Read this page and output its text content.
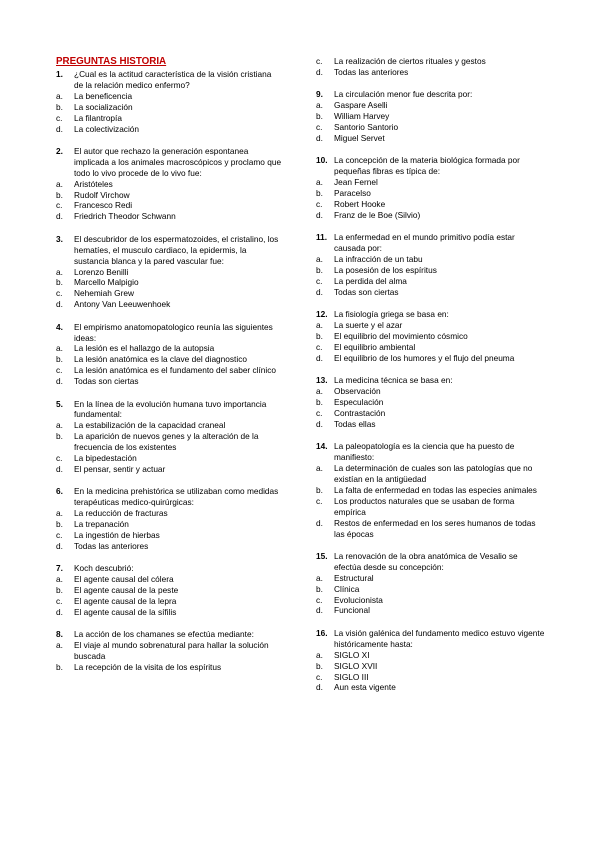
PREGUNTAS HISTORIA
1.	¿Cual es la actitud característica de la visión cristiana de la relación medico enfermo?
a.	La beneficencia
b.	La socialización
c.	La filantropía
d.	La colectivización
2.	El autor que rechazo la generación espontanea implicada a los animales macroscópicos y proclamo que todo lo vivo procede de lo vivo fue:
a.	Aristóteles
b.	Rudolf Virchow
c.	Francesco Redi
d.	Friedrich Theodor Schwann
3.	El descubridor de los espermatozoides, el cristalino, los hematíes, el musculo cardiaco, la epidermis, la sustancia blanca y la pared vascular fue:
a.	Lorenzo Benilli
b.	Marcello Malpigio
c.	Nehemiah Grew
d.	Antony Van Leeuwenhoek
4.	El empirismo anatomopatologico reunía las siguientes ideas:
a.	La lesión es el hallazgo de la autopsia
b.	La lesión anatómica es la clave del diagnostico
c.	La lesión anatómica es el fundamento del saber clínico
d.	Todas son ciertas
5.	En la línea de la evolución humana tuvo importancia fundamental:
a.	La estabilización de la capacidad craneal
b.	La aparición de nuevos genes y la alteración de la frecuencia de los existentes
c.	La bipedestación
d.	El pensar, sentir y actuar
6.	En la medicina prehistórica se utilizaban como medidas terapéuticas medico-quirúrgicas:
a.	La reducción de fracturas
b.	La trepanación
c.	La ingestión de hierbas
d.	Todas las anteriores
7.	Koch descubrió:
a.	El agente causal del cólera
b.	El agente causal de la peste
c.	El agente causal de la lepra
d.	El agente causal de la sífilis
8.	La acción de los chamanes se efectúa mediante:
a.	El viaje al mundo sobrenatural para hallar la solución buscada
b.	La recepción de la visita de los espíritus
c.	La realización de ciertos rituales y gestos
d.	Todas las anteriores
9.	La circulación menor fue descrita por:
a.	Gaspare Aselli
b.	William Harvey
c.	Santorio Santorio
d.	Miguel Servet
10. La concepción de la materia biológica formada por pequeñas fibras es típica de:
a.	Jean Fernel
b.	Paracelso
c.	Robert Hooke
d.	Franz de le Boe (Silvio)
11. La enfermedad en el mundo primitivo podía estar causada por:
a.	La infracción de un tabu
b.	La posesión de los espíritus
c.	La perdida del alma
d.	Todas son ciertas
12. La fisiología griega se basa en:
a.	La suerte y el azar
b.	El equilibrio del movimiento cósmico
c.	El equilibrio ambiental
d.	El equilibrio de los humores y el flujo del pneuma
13. La medicina técnica se basa en:
a.	Observación
b.	Especulación
c.	Contrastación
d.	Todas ellas
14. La paleopatología es la ciencia que ha puesto de manifiesto:
a.	La determinación de cuales son las patologías que no existían en la antigüedad
b.	La falta de enfermedad en todas las especies animales
c.	Los productos naturales que se usaban de forma empírica
d.	Restos de enfermedad en los seres humanos de todas las épocas
15. La renovación de la obra anatómica de Vesalio se efectúa desde su concepción:
a.	Estructural
b.	Clínica
c.	Evolucionista
d.	Funcional
16. La visión galénica del fundamento medico estuvo vigente históricamente hasta:
a.	SIGLO XI
b.	SIGLO XVII
c.	SIGLO III
d.	Aun esta vigente
